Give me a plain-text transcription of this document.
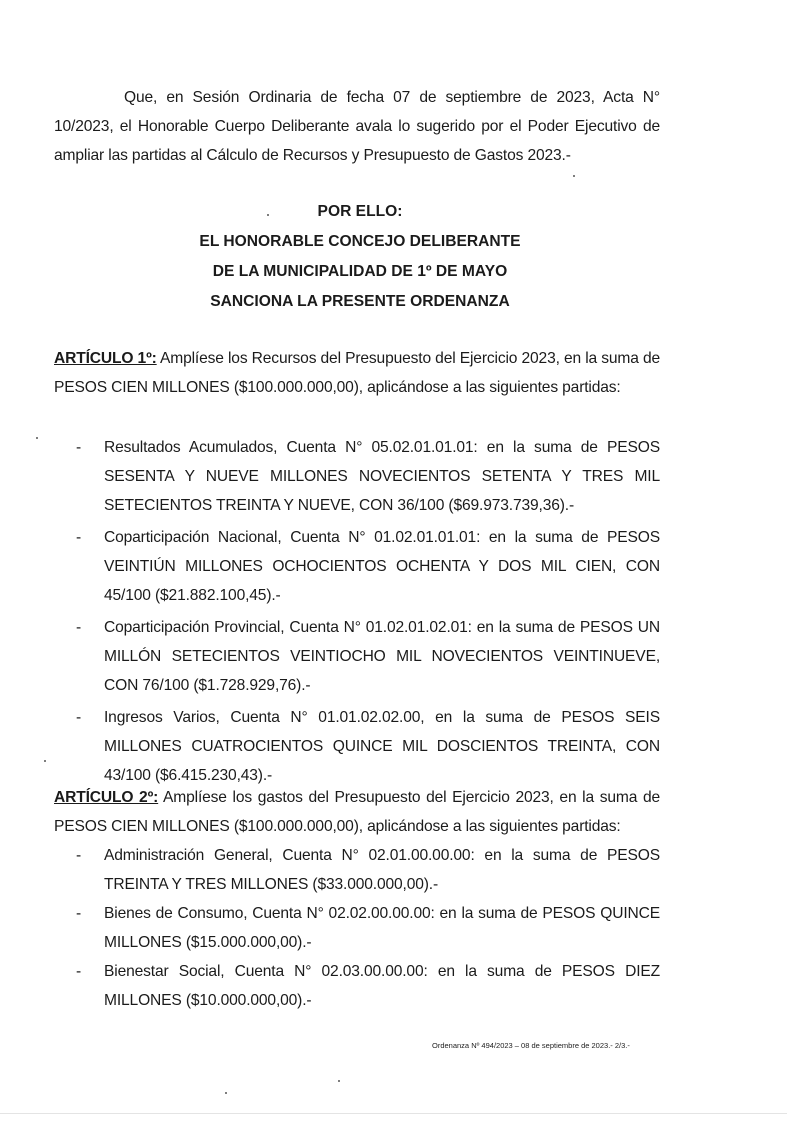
Que, en Sesión Ordinaria de fecha 07 de septiembre de 2023, Acta N° 10/2023, el Honorable Cuerpo Deliberante avala lo sugerido por el Poder Ejecutivo de ampliar las partidas al Cálculo de Recursos y Presupuesto de Gastos 2023.-
POR ELLO:
EL HONORABLE CONCEJO DELIBERANTE
DE LA MUNICIPALIDAD DE 1º DE MAYO
SANCIONA LA PRESENTE ORDENANZA
ARTÍCULO 1º: Amplíese los Recursos del Presupuesto del Ejercicio 2023, en la suma de PESOS CIEN MILLONES ($100.000.000,00), aplicándose a las siguientes partidas:
- Resultados Acumulados, Cuenta N° 05.02.01.01.01: en la suma de PESOS SESENTA Y NUEVE MILLONES NOVECIENTOS SETENTA Y TRES MIL SETECIENTOS TREINTA Y NUEVE, CON 36/100 ($69.973.739,36).-
- Coparticipación Nacional, Cuenta N° 01.02.01.01.01: en la suma de PESOS VEINTIÚN MILLONES OCHOCIENTOS OCHENTA Y DOS MIL CIEN, CON 45/100 ($21.882.100,45).-
- Coparticipación Provincial, Cuenta N° 01.02.01.02.01: en la suma de PESOS UN MILLÓN SETECIENTOS VEINTIOCHO MIL NOVECIENTOS VEINTINUEVE, CON 76/100 ($1.728.929,76).-
- Ingresos Varios, Cuenta N° 01.01.02.02.00, en la suma de PESOS SEIS MILLONES CUATROCIENTOS QUINCE MIL DOSCIENTOS TREINTA, CON 43/100 ($6.415.230,43).-
ARTÍCULO 2º: Amplíese los gastos del Presupuesto del Ejercicio 2023, en la suma de PESOS CIEN MILLONES ($100.000.000,00), aplicándose a las siguientes partidas:
- Administración General, Cuenta N° 02.01.00.00.00: en la suma de PESOS TREINTA Y TRES MILLONES ($33.000.000,00).-
- Bienes de Consumo, Cuenta N° 02.02.00.00.00: en la suma de PESOS QUINCE MILLONES ($15.000.000,00).-
- Bienestar Social, Cuenta N° 02.03.00.00.00: en la suma de PESOS DIEZ MILLONES ($10.000.000,00).-
Ordenanza Nº 494/2023 – 08 de septiembre de 2023.- 2/3.-
